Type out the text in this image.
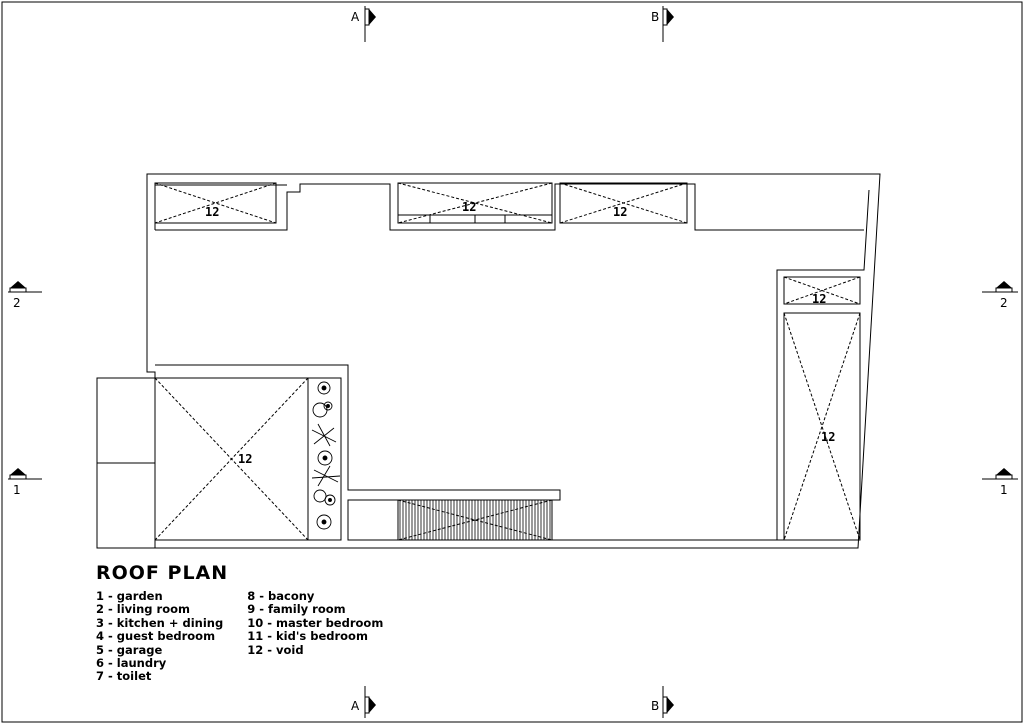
12	12	12
12
12
12
A	B
A	B
2
1
2
1
ROOF PLAN
1 - garden
2 - living room
3 - kitchen + dining
4 - guest bedroom
5 - garage
6 - laundry
7 - toilet
8 - bacony
9 - family room
10 - master bedroom
11 - kid's bedroom
12 - void
